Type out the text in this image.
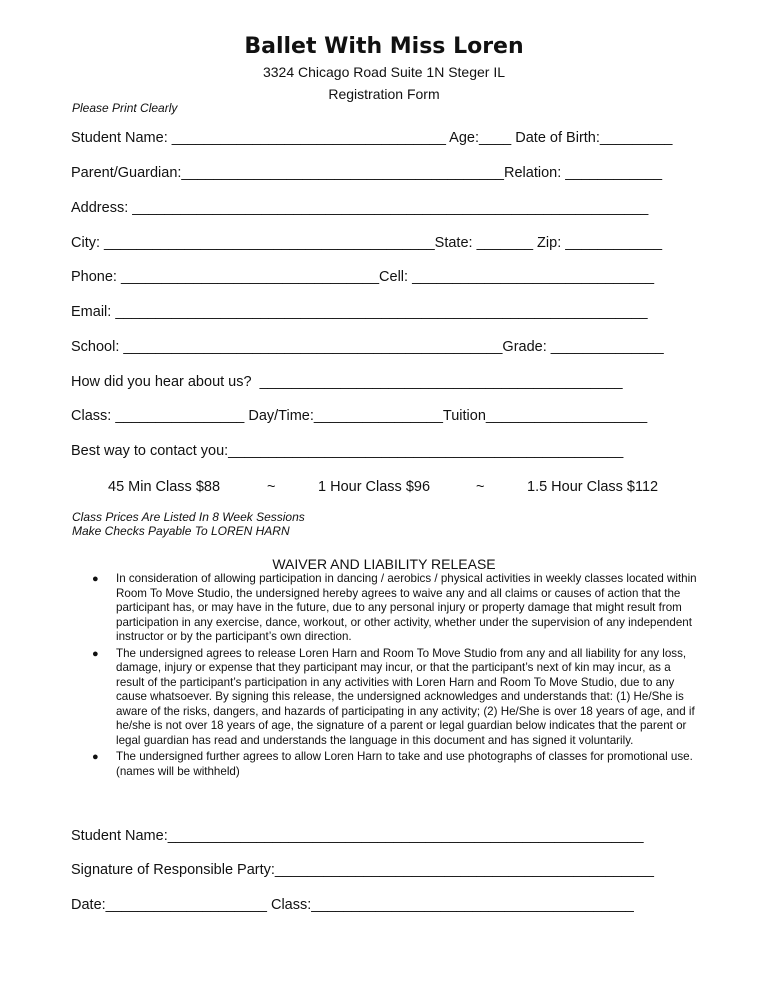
Ballet With Miss Loren
3324 Chicago Road Suite 1N Steger IL
Registration Form
Please Print Clearly
Student Name: __________________________________ Age:____ Date of Birth:_________
Parent/Guardian:________________________________________Relation: ____________
Address: ________________________________________________________________
City: _________________________________________State: _______ Zip: ____________
Phone: ________________________________Cell: ______________________________
Email: __________________________________________________________________
School: _______________________________________________Grade: ______________
How did you hear about us?  _____________________________________________
Class: ________________ Day/Time:________________Tuition____________________
Best way to contact you:_________________________________________________
45 Min Class $88	~	1 Hour Class $96	~	1.5 Hour Class $112
Class Prices Are Listed In 8 Week Sessions
Make Checks Payable To LOREN HARN
WAIVER AND LIABILITY RELEASE
● In consideration of allowing participation in dancing / aerobics / physical activities in weekly classes located within Room To Move Studio, the undersigned hereby agrees to waive any and all claims or causes of action that the participant has, or may have in the future, due to any personal injury or property damage that might result from participation in any exercise, dance, workout, or other activity, whether under the supervision of any independent instructor or by the participant’s own direction.
● The undersigned agrees to release Loren Harn and Room To Move Studio from any and all liability for any loss, damage, injury or expense that they participant may incur, or that the participant’s next of kin may incur, as a result of the participant’s participation in any activities with Loren Harn and Room To Move Studio, due to any cause whatsoever. By signing this release, the undersigned acknowledges and understands that: (1) He/She is aware of the risks, dangers, and hazards of participating in any activity; (2) He/She is over 18 years of age, and if he/she is not over 18 years of age, the signature of a parent or legal guardian below indicates that the parent or legal guardian has read and understands the language in this document and has signed it voluntarily.
● The undersigned further agrees to allow Loren Harn to take and use photographs of classes for promotional use. (names will be withheld)
Student Name:___________________________________________________________
Signature of Responsible Party:_______________________________________________
Date:____________________ Class:________________________________________
